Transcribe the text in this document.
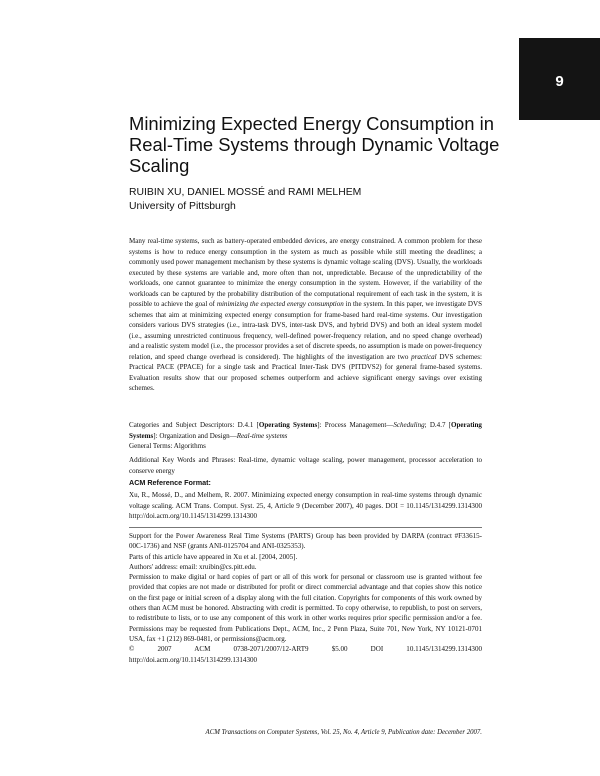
9
Minimizing Expected Energy Consumption in Real-Time Systems through Dynamic Voltage Scaling

RUIBIN XU, DANIEL MOSSÉ and RAMI MELHEM

University of Pittsburgh

Many real-time systems, such as battery-operated embedded devices, are energy constrained. A common problem for these systems is how to reduce energy consumption in the system as much as possible while still meeting the deadlines; a commonly used power management mechanism by these systems is dynamic voltage scaling (DVS). Usually, the workloads executed by these systems are variable and, more often than not, unpredictable. Because of the unpredictability of the workloads, one cannot guarantee to minimize the energy consumption in the system. However, if the variability of the workloads can be captured by the probability distribution of the computational requirement of each task in the system, it is possible to achieve the goal of minimizing the expected energy consumption in the system. In this paper, we investigate DVS schemes that aim at minimizing expected energy consumption for frame-based hard real-time systems. Our investigation considers various DVS strategies (i.e., intra-task DVS, inter-task DVS, and hybrid DVS) and both an ideal system model (i.e., assuming unrestricted continuous frequency, well-defined power-frequency relation, and no speed change overhead) and a realistic system model (i.e., the processor provides a set of discrete speeds, no assumption is made on power-frequency relation, and speed change overhead is considered). The highlights of the investigation are two practical DVS schemes: Practical PACE (PPACE) for a single task and Practical Inter-Task DVS (PITDVS2) for general frame-based systems. Evaluation results show that our proposed schemes outperform and achieve significant energy savings over existing schemes.

Categories and Subject Descriptors: D.4.1 [Operating Systems]: Process Management—Scheduling; D.4.7 [Operating Systems]: Organization and Design—Real-time systems

General Terms: Algorithms

Additional Key Words and Phrases: Real-time, dynamic voltage scaling, power management, processor acceleration to conserve energy

ACM Reference Format:

Xu, R., Mossé, D., and Melhem, R. 2007. Minimizing expected energy consumption in real-time systems through dynamic voltage scaling. ACM Trans. Comput. Syst. 25, 4, Article 9 (December 2007), 40 pages. DOI = 10.1145/1314299.1314300 http://doi.acm.org/10.1145/1314299.1314300

Support for the Power Awareness Real Time Systems (PARTS) Group has been provided by DARPA (contract #F33615-00C-1736) and NSF (grants ANI-0125704 and ANI-0325353).

Parts of this article have appeared in Xu et al. [2004, 2005].

Authors' address: email: xruibin@cs.pitt.edu.

Permission to make digital or hard copies of part or all of this work for personal or classroom use is granted without fee provided that copies are not made or distributed for profit or direct commercial advantage and that copies show this notice on the first page or initial screen of a display along with the full citation. Copyrights for components of this work owned by others than ACM must be honored. Abstracting with credit is permitted. To copy otherwise, to republish, to post on servers, to redistribute to lists, or to use any component of this work in other works requires prior specific permission and/or a fee. Permissions may be requested from Publications Dept., ACM, Inc., 2 Penn Plaza, Suite 701, New York, NY 10121-0701 USA, fax +1 (212) 869-0481, or permissions@acm.org.

© 2007 ACM 0738-2071/2007/12-ART9 $5.00 DOI 10.1145/1314299.1314300 http://doi.acm.org/10.1145/1314299.1314300

ACM Transactions on Computer Systems, Vol. 25, No. 4, Article 9, Publication date: December 2007.
